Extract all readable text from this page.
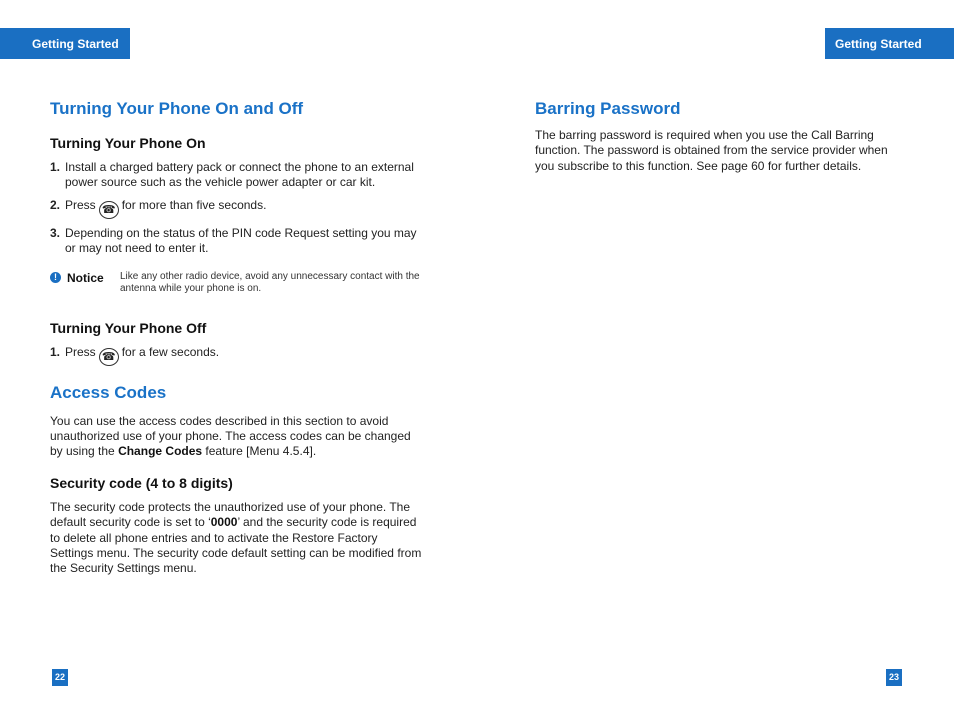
Getting Started	Getting Started
Turning Your Phone On and Off
Turning Your Phone On
1. Install a charged battery pack or connect the phone to an external power source such as the vehicle power adapter or car kit.
2. Press ☎ for more than five seconds.
3. Depending on the status of the PIN code Request setting you may or may not need to enter it.
! Notice Like any other radio device, avoid any unnecessary contact with the antenna while your phone is on.
Turning Your Phone Off
1. Press ☎ for a few seconds.
Access Codes

You can use the access codes described in this section to avoid unauthorized use of your phone. The access codes can be changed by using the Change Codes feature [Menu 4.5.4].

Security code (4 to 8 digits)

The security code protects the unauthorized use of your phone. The default security code is set to ‘0000’ and the security code is required to delete all phone entries and to activate the Restore Factory Settings menu. The security code default setting can be modified from the Security Settings menu.

Barring Password

The barring password is required when you use the Call Barring function. The password is obtained from the service provider when you subscribe to this function. See page 60 for further details.

22	23
